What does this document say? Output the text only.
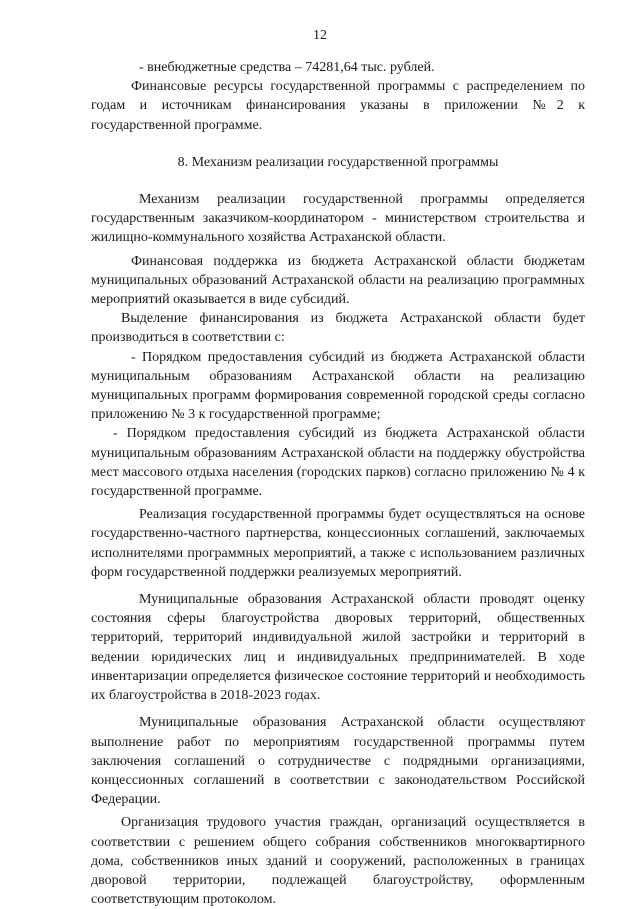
12

- внебюджетные средства – 74281,64 тыс. рублей.

Финансовые ресурсы государственной программы с распределением по годам и источникам финансирования указаны в приложении №2 к государственной программе.

8. Механизм реализации государственной программы

Механизм реализации государственной программы определяется государственным заказчиком-координатором - министерством строительства и жилищно-коммунального хозяйства Астраханской области.

Финансовая поддержка из бюджета Астраханской области бюджетам муниципальных образований Астраханской области на реализацию программных мероприятий оказывается в виде субсидий.

Выделение финансирования из бюджета Астраханской области будет производиться в соответствии с:

- Порядком предоставления субсидий из бюджета Астраханской области муниципальным образованиям Астраханской области на реализацию муниципальных программ формирования современной городской среды согласно приложению № 3 к государственной программе;

- Порядком предоставления субсидий из бюджета Астраханской области муниципальным образованиям Астраханской области на поддержку обустройства мест массового отдыха населения (городских парков) согласно приложению № 4 к государственной программе.

Реализация государственной программы будет осуществляться на основе государственно-частного партнерства, концессионных соглашений, заключаемых исполнителями программных мероприятий, а также с использованием различных форм государственной поддержки реализуемых мероприятий.

Муниципальные образования Астраханской области проводят оценку состояния сферы благоустройства дворовых территорий, общественных территорий, территорий индивидуальной жилой застройки и территорий в ведении юридических лиц и индивидуальных предпринимателей. В ходе инвентаризации определяется физическое состояние территорий и необходимость их благоустройства в 2018-2023 годах.

Муниципальные образования Астраханской области осуществляют выполнение работ по мероприятиям государственной программы путем заключения соглашений о сотрудничестве с подрядными организациями, концессионных соглашений в соответствии с законодательством Российской Федерации.

Организация трудового участия граждан, организаций осуществляется в соответствии с решением общего собрания собственников многоквартирного дома, собственников иных зданий и сооружений, расположенных в границах дворовой территории, подлежащей благоустройству, оформленным соответствующим протоколом.
